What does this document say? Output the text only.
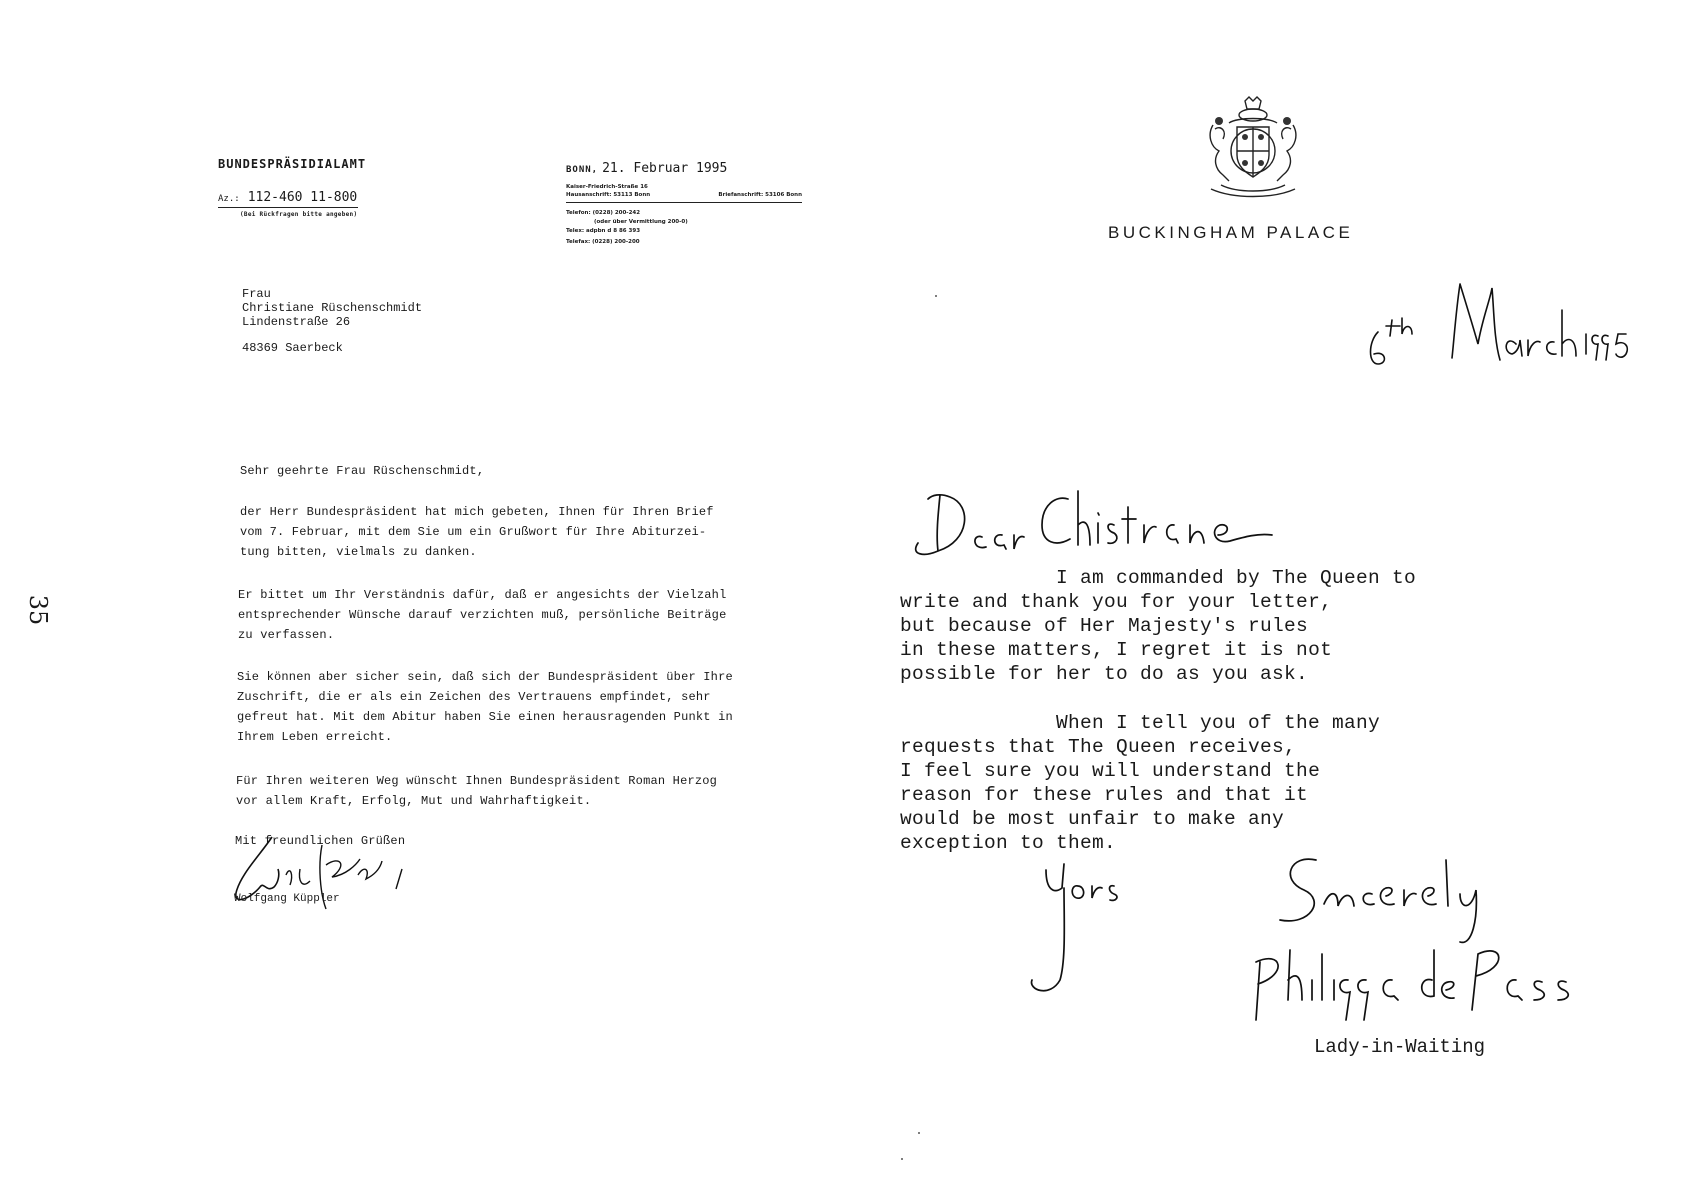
35
BUNDESPRÄSIDIALAMT
Az.: 112-460 11-800
(Bei Rückfragen bitte angeben)
BONN, 21. Februar 1995
Kaiser-Friedrich-Straße 16
Hausanschrift: 53113 Bonn	Briefanschrift: 53106 Bonn
Telefon: (0228) 200-242
(oder über Vermittlung 200-0)
Telex: adpbn d 8 86 393
Telefax: (0228) 200-200
Frau
Christiane Rüschenschmidt
Lindenstraße 26
48369 Saerbeck
Sehr geehrte Frau Rüschenschmidt,
der Herr Bundespräsident hat mich gebeten, Ihnen für Ihren Brief
vom 7. Februar, mit dem Sie um ein Grußwort für Ihre Abiturzei-
tung bitten, vielmals zu danken.
Er bittet um Ihr Verständnis dafür, daß er angesichts der Vielzahl
entsprechender Wünsche darauf verzichten muß, persönliche Beiträge
zu verfassen.
Sie können aber sicher sein, daß sich der Bundespräsident über Ihre
Zuschrift, die er als ein Zeichen des Vertrauens empfindet, sehr
gefreut hat. Mit dem Abitur haben Sie einen herausragenden Punkt in
Ihrem Leben erreicht.
Für Ihren weiteren Weg wünscht Ihnen Bundespräsident Roman Herzog
vor allem Kraft, Erfolg, Mut und Wahrhaftigkeit.
Mit freundlichen Grüßen
Wolfgang Küppler
BUCKINGHAM PALACE
I am commanded by The Queen to
write and thank you for your letter,
but because of Her Majesty's rules
in these matters, I regret it is not
possible for her to do as you ask.
When I tell you of the many
requests that The Queen receives,
I feel sure you will understand the
reason for these rules and that it
would be most unfair to make any
exception to them.
Lady-in-Waiting
